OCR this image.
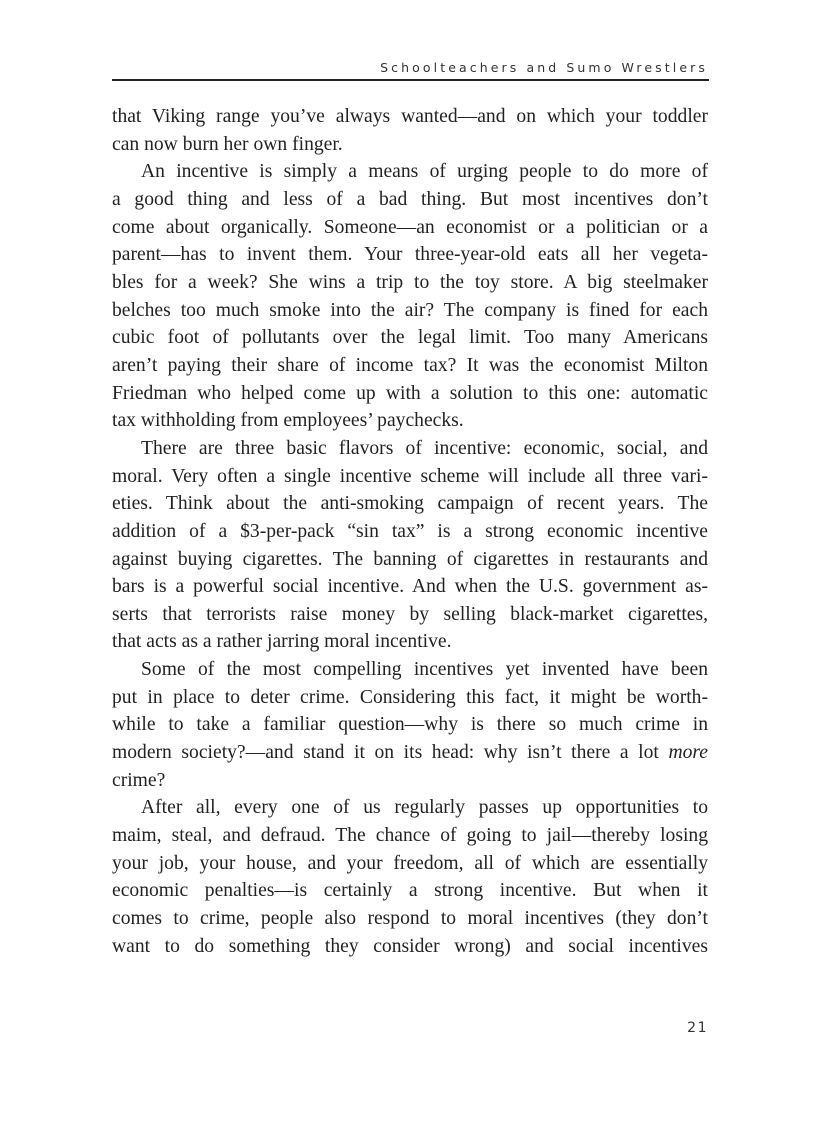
Schoolteachers and Sumo Wrestlers
that Viking range you’ve always wanted—and on which your toddler
can now burn her own finger.
An incentive is simply a means of urging people to do more of
a good thing and less of a bad thing. But most incentives don’t
come about organically. Someone—an economist or a politician or a
parent—has to invent them. Your three-year-old eats all her vegeta-
bles for a week? She wins a trip to the toy store. A big steelmaker
belches too much smoke into the air? The company is fined for each
cubic foot of pollutants over the legal limit. Too many Americans
aren’t paying their share of income tax? It was the economist Milton
Friedman who helped come up with a solution to this one: automatic
tax withholding from employees’ paychecks.
There are three basic flavors of incentive: economic, social, and
moral. Very often a single incentive scheme will include all three vari-
eties. Think about the anti-smoking campaign of recent years. The
addition of a $3-per-pack “sin tax” is a strong economic incentive
against buying cigarettes. The banning of cigarettes in restaurants and
bars is a powerful social incentive. And when the U.S. government as-
serts that terrorists raise money by selling black-market cigarettes,
that acts as a rather jarring moral incentive.
Some of the most compelling incentives yet invented have been
put in place to deter crime. Considering this fact, it might be worth-
while to take a familiar question—why is there so much crime in
modern society?—and stand it on its head: why isn’t there a lot more
crime?
After all, every one of us regularly passes up opportunities to
maim, steal, and defraud. The chance of going to jail—thereby losing
your job, your house, and your freedom, all of which are essentially
economic penalties—is certainly a strong incentive. But when it
comes to crime, people also respond to moral incentives (they don’t
want to do something they consider wrong) and social incentives
21
